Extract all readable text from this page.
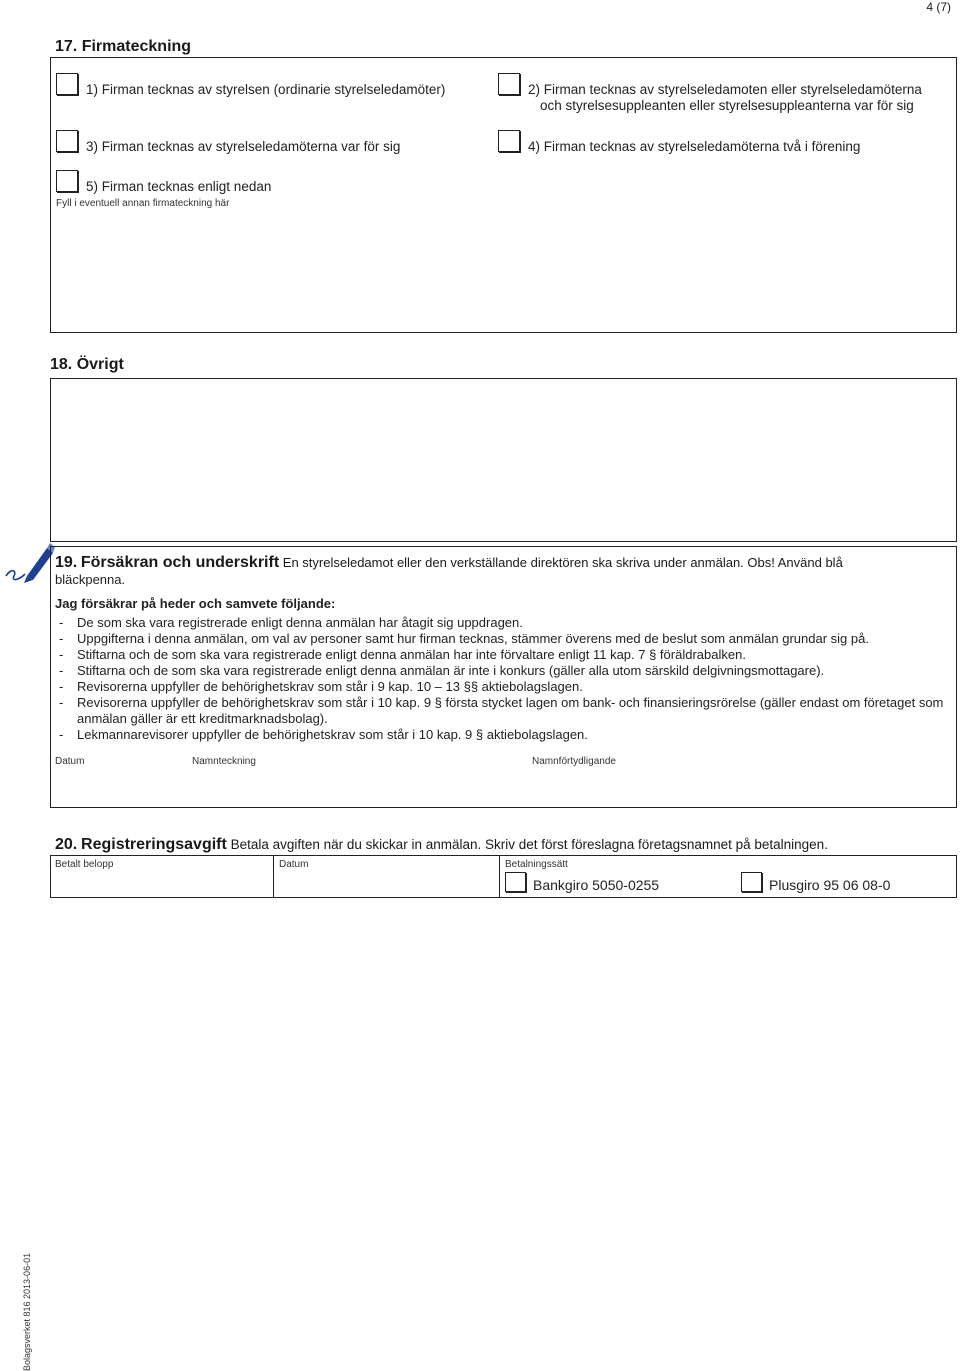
4 (7)
17. Firmateckning
1) Firman tecknas av styrelsen (ordinarie styrelseledamöter)	2) Firman tecknas av styrelseledamoten eller styrelseledamöterna
och styrelsesuppleanten eller styrelsesuppleanterna var för sig
3) Firman tecknas av styrelseledamöterna var för sig	4) Firman tecknas av styrelseledamöterna två i förening
5) Firman tecknas enligt nedan
Fyll i eventuell annan firmateckning här
18. Övrigt
19. Försäkran och underskrift En styrelseledamot eller den verkställande direktören ska skriva under anmälan. Obs! Använd blå
bläckpenna.
Jag försäkrar på heder och samvete följande:
- De som ska vara registrerade enligt denna anmälan har åtagit sig uppdragen.
- Uppgifterna i denna anmälan, om val av personer samt hur firman tecknas, stämmer överens med de beslut som anmälan grundar sig på.
- Stiftarna och de som ska vara registrerade enligt denna anmälan har inte förvaltare enligt 11 kap. 7 § föräldrabalken.
- Stiftarna och de som ska vara registrerade enligt denna anmälan är inte i konkurs (gäller alla utom särskild delgivningsmottagare).
- Revisorerna uppfyller de behörighetskrav som står i 9 kap. 10 – 13 §§ aktiebolagslagen.
- Revisorerna uppfyller de behörighetskrav som står i 10 kap. 9 § första stycket lagen om bank- och finansieringsrörelse (gäller endast om företaget som anmälan gäller är ett kreditmarknadsbolag).
- Lekmannarevisorer uppfyller de behörighetskrav som står i 10 kap. 9 § aktiebolagslagen.
Datum	Namnteckning	Namnförtydligande
20. Registreringsavgift Betala avgiften när du skickar in anmälan. Skriv det först föreslagna företagsnamnet på betalningen.
Betalt belopp	Datum	Betalningssätt
Bankgiro 5050-0255	Plusgiro 95 06 08-0
Bolagsverket 816 2013-06-01
